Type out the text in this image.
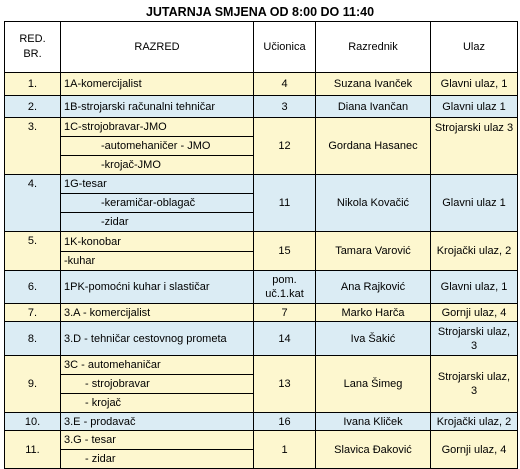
JUTARNJA SMJENA OD 8:00 DO 11:40
RED.
BR.	RAZRED	Učionica	Razrednik	Ulaz
1.	1A-komercijalist	4	Suzana Ivanček	Glavni ulaz, 1
2.	1B-strojarski računalni tehničar	3	Diana Ivančan	Glavni ulaz 1
3.	1C-strojobravar-JMO
-automehaničer - JMO
-krojač-JMO	12	Gordana Hasanec	Strojarski ulaz 3
4.	1G-tesar
-keramičar-oblagač
-zidar	11	Nikola Kovačić	Glavni ulaz 1
5.	1K-konobar
-kuhar	15	Tamara Varović	Krojački ulaz, 2
6.	1PK-pomoćni kuhar i slastičar	pom. uč.1.kat	Ana Rajković	Glavni ulaz, 1
7.	3.A - komercijalist	7	Marko Harča	Gornji ulaz, 4
8.	3.D - tehničar cestovnog prometa	14	Iva Šakić	Strojarski ulaz, 3
9.	3C - automehaničar
- strojobravar
- krojač	13	Lana Šimeg	Strojarski ulaz, 3
10.	3.E - prodavač	16	Ivana Kliček	Krojački ulaz, 2
11.	3.G - tesar
- zidar	1	Slavica Đaković	Gornji ulaz, 4
